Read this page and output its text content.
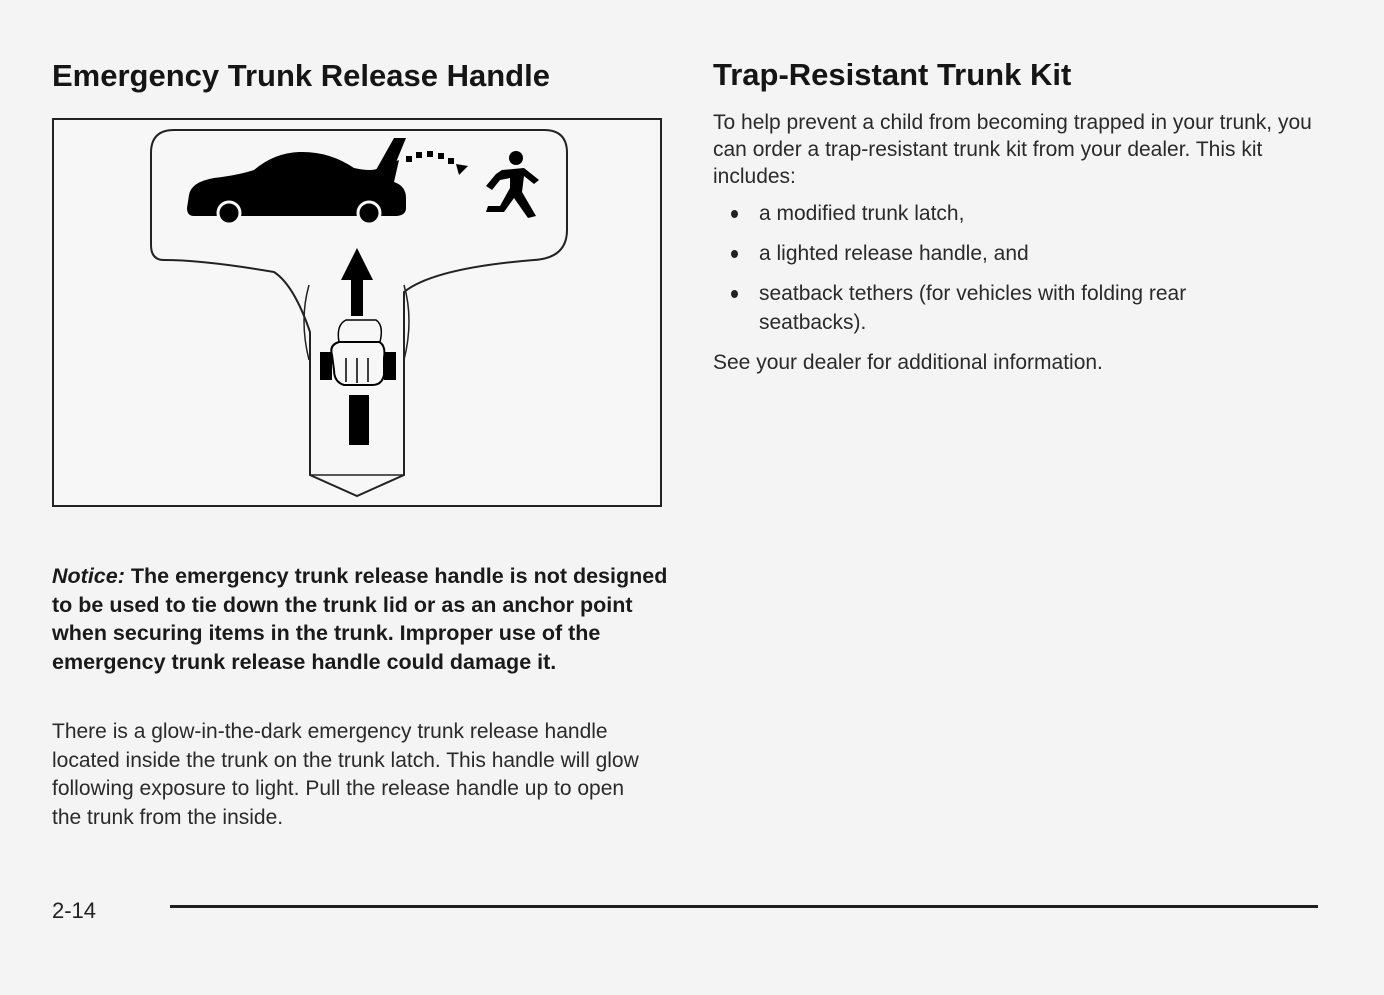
Emergency Trunk Release Handle

Notice: The emergency trunk release handle is not designed to be used to tie down the trunk lid or as an anchor point when securing items in the trunk. Improper use of the emergency trunk release handle could damage it.

There is a glow-in-the-dark emergency trunk release handle located inside the trunk on the trunk latch. This handle will glow following exposure to light. Pull the release handle up to open the trunk from the inside.

Trap-Resistant Trunk Kit

To help prevent a child from becoming trapped in your trunk, you can order a trap-resistant trunk kit from your dealer. This kit includes:

a modified trunk latch,
a lighted release handle, and
seatback tethers (for vehicles with folding rear seatbacks).

See your dealer for additional information.

2-14
